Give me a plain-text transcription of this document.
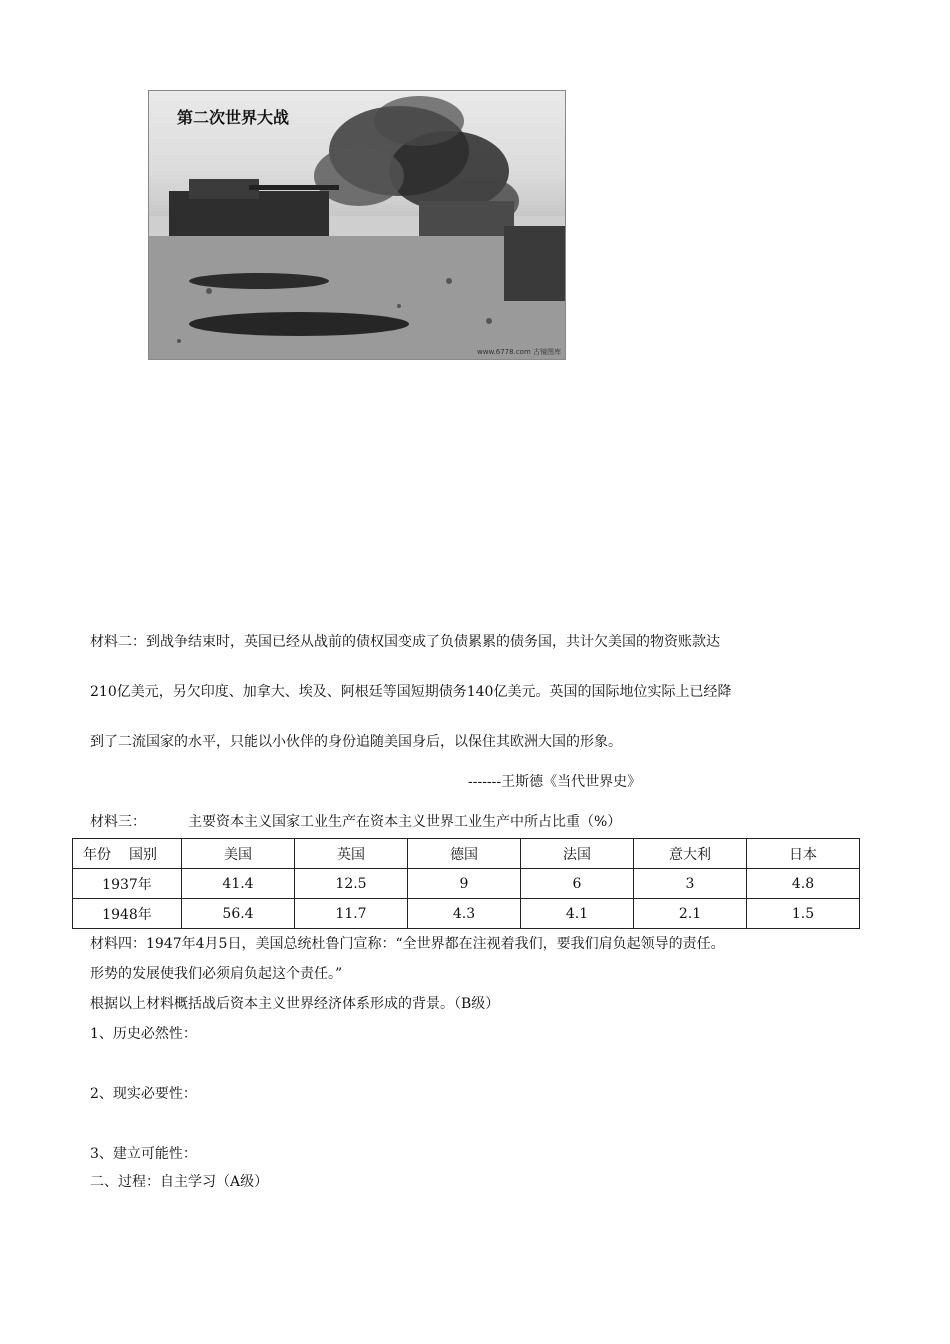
第二次世界大战
www.6778.com 古镜图库
材料二：到战争结束时，英国已经从战前的债权国变成了负债累累的债务国，共计欠美国的物资账款达
210亿美元，另欠印度、加拿大、埃及、阿根廷等国短期债务140亿美元。英国的国际地位实际上已经降
到了二流国家的水平，只能以小伙伴的身份追随美国身后，以保住其欧洲大国的形象。
-------王斯德《当代世界史》
材料三：	主要资本主义国家工业生产在资本主义世界工业生产中所占比重（%）
年份 国别	美国	英国	德国	法国	意大利	日本
1937年	41.4	12.5	9	6	3	4.8
1948年	56.4	11.7	4.3	4.1	2.1	1.5
材料四：1947年4月5日，美国总统杜鲁门宣称：“全世界都在注视着我们，要我们肩负起领导的责任。
形势的发展使我们必须肩负起这个责任。”
根据以上材料概括战后资本主义世界经济体系形成的背景。（B级）
1、历史必然性：
2、现实必要性：
3、建立可能性：
二、过程：自主学习（A级）
